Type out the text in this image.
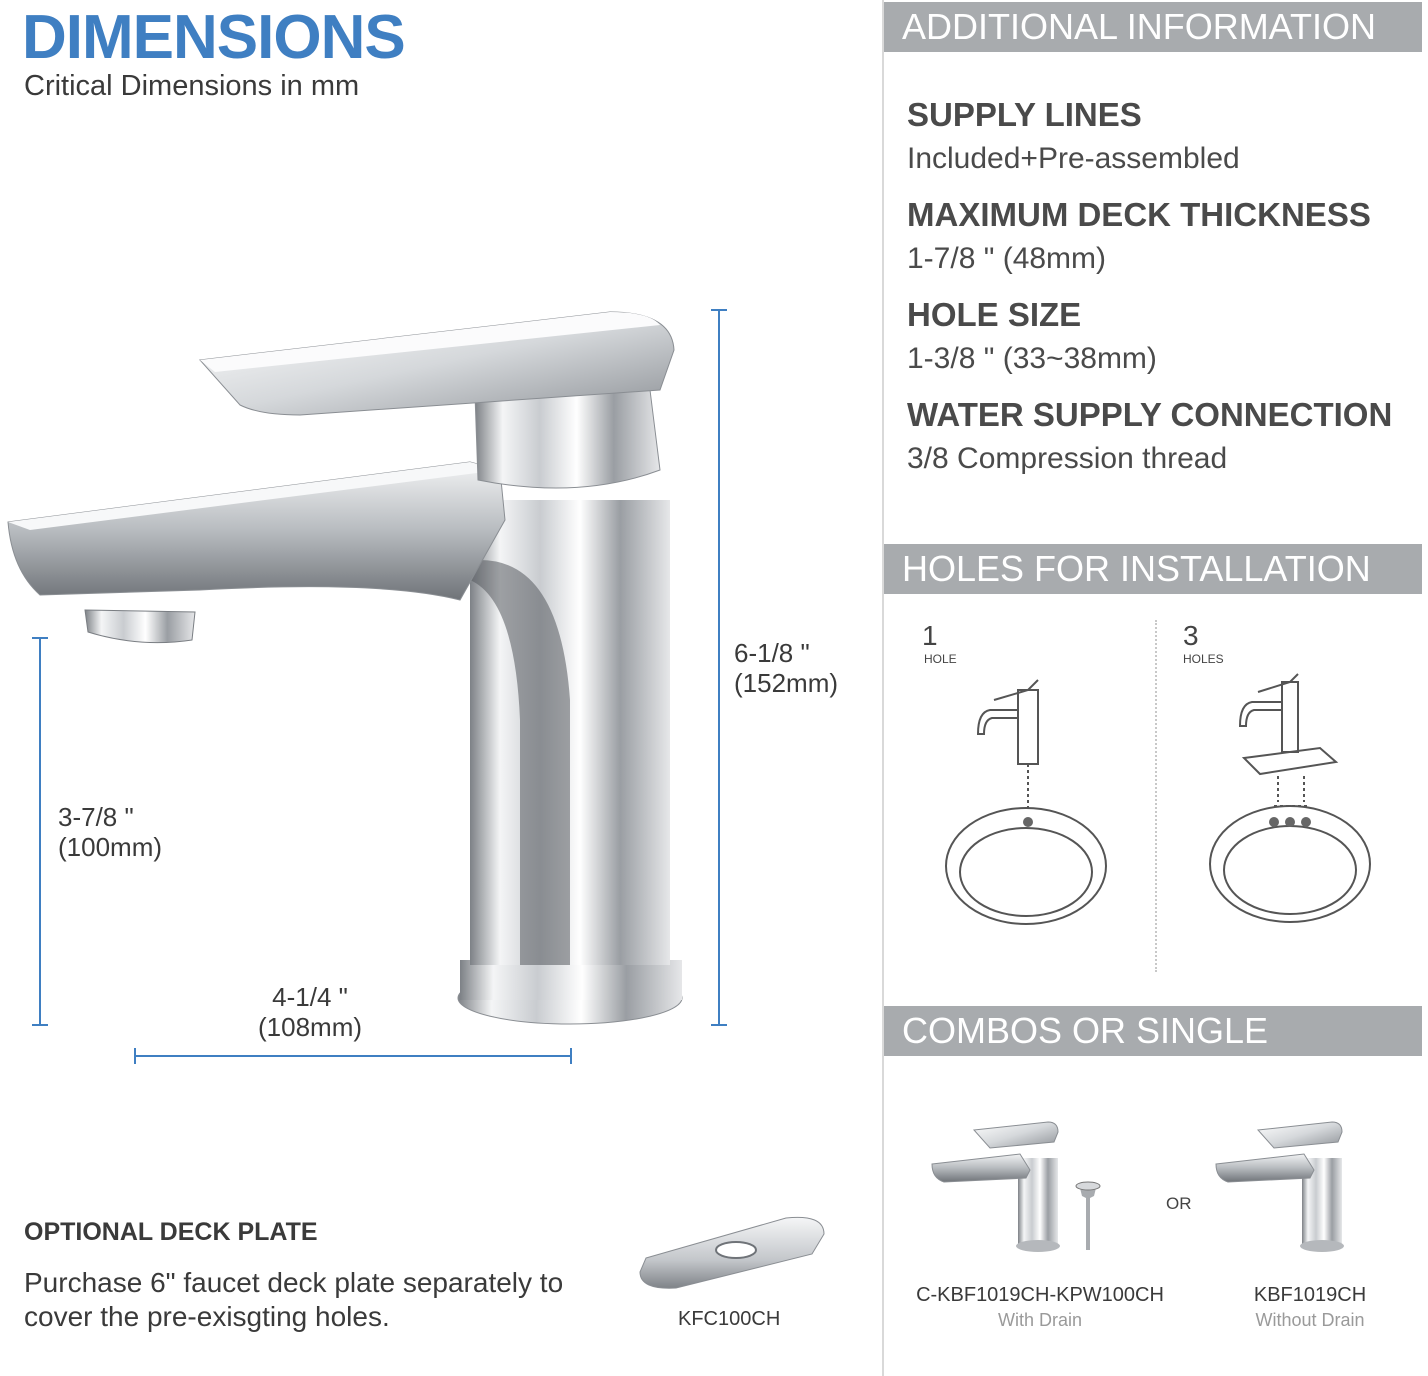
DIMENSIONS
Critical Dimensions in mm
6-1/8 "
(152mm)
3-7/8 "
(100mm)
4-1/4 "
(108mm)
OPTIONAL DECK PLATE
Purchase 6" faucet deck plate separately to cover the pre-exisgting holes.	KFC100CH
ADDITIONAL INFORMATION
SUPPLY LINES
Included+Pre-assembled
MAXIMUM DECK THICKNESS
1-7/8 " (48mm)
HOLE SIZE
1-3/8 " (33~38mm)
WATER SUPPLY CONNECTION
3/8 Compression thread
HOLES FOR INSTALLATION
1
HOLE
3
HOLES
COMBOS OR SINGLE
OR
C-KBF1019CH-KPW100CH
With Drain
KBF1019CH
Without Drain
